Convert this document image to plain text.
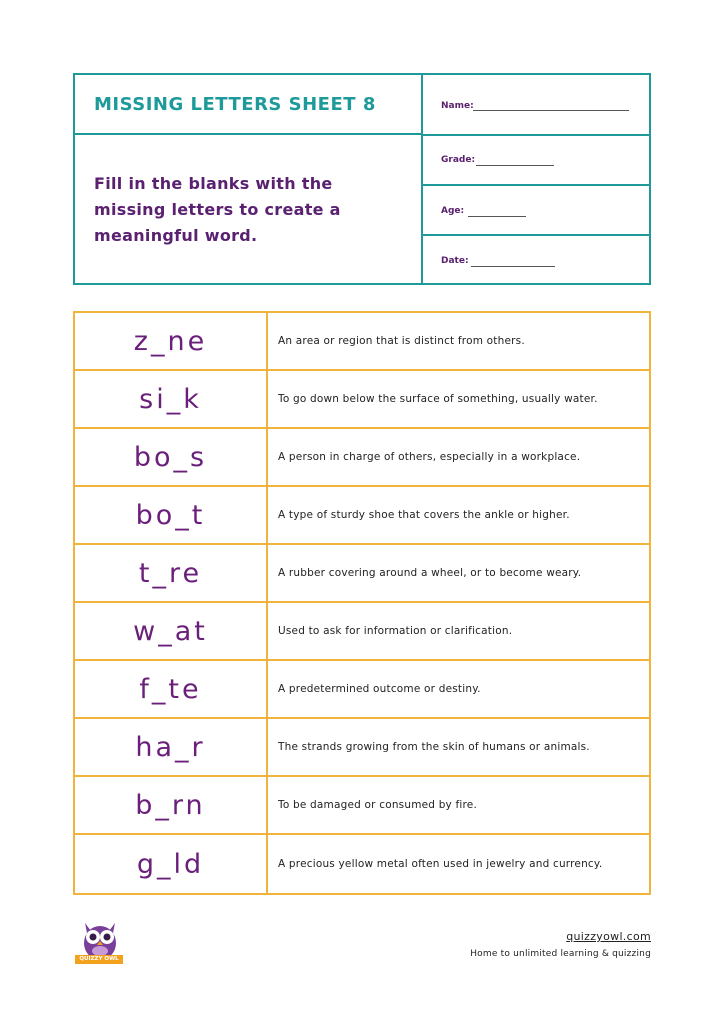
MISSING LETTERS SHEET 8
Fill in the blanks with the missing letters to create a meaningful word.
Name:
Grade:
Age:
Date:
z_ne	An area or region that is distinct from others.
si_k	To go down below the surface of something, usually water.
bo_s	A person in charge of others, especially in a workplace.
bo_t	A type of sturdy shoe that covers the ankle or higher.
t_re	A rubber covering around a wheel, or to become weary.
w_at	Used to ask for information or clarification.
f_te	A predetermined outcome or destiny.
ha_r	The strands growing from the skin of humans or animals.
b_rn	To be damaged or consumed by fire.
g_ld	A precious yellow metal often used in jewelry and currency.
QUIZZY OWL
quizzyowl.com
Home to unlimited learning & quizzing
